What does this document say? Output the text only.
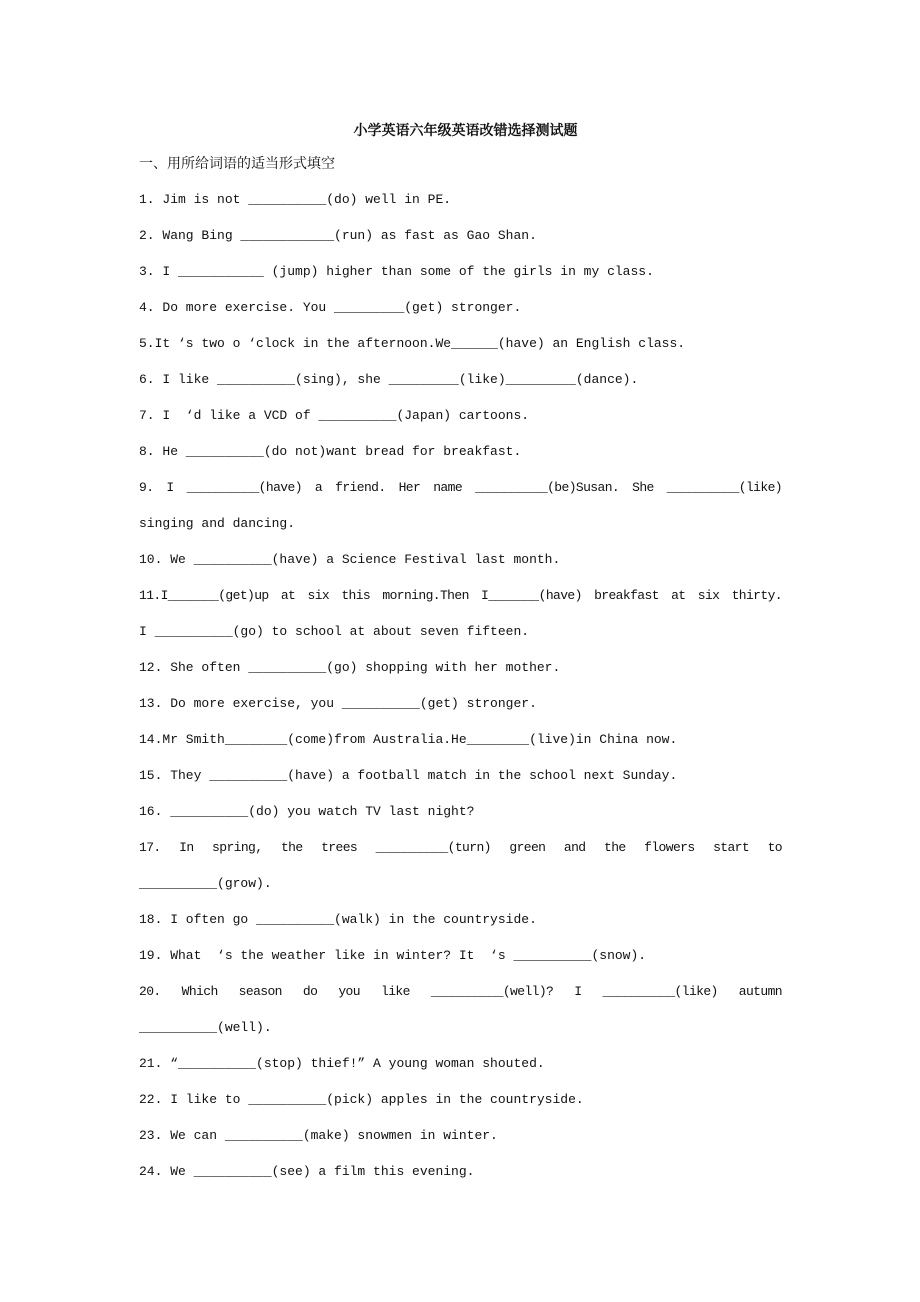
小学英语六年级英语改错选择测试题
一、用所给词语的适当形式填空
1. Jim is not __________(do) well in PE.
2. Wang Bing ____________(run) as fast as Gao Shan.
3. I ___________ (jump) higher than some of the girls in my class.
4. Do more exercise. You _________(get) stronger.
5.It ‘s two o ‘clock in the afternoon.We______(have) an English class.
6. I like __________(sing), she _________(like)_________(dance).
7. I  ‘d like a VCD of __________(Japan) cartoons.
8. He __________(do not)want bread for breakfast.
9. I __________(have) a friend. Her name __________(be)Susan. She __________(like)
singing and dancing.
10. We __________(have) a Science Festival last month.
11.I_______(get)up at six this morning.Then I_______(have) breakfast at six thirty.
I __________(go) to school at about seven fifteen.
12. She often __________(go) shopping with her mother.
13. Do more exercise, you __________(get) stronger.
14.Mr Smith________(come)from Australia.He________(live)in China now.
15. They __________(have) a football match in the school next Sunday.
16. __________(do) you watch TV last night?
17. In spring, the trees __________(turn) green and the flowers start to
__________(grow).
18. I often go __________(walk) in the countryside.
19. What  ‘s the weather like in winter? It  ‘s __________(snow).
20. Which season do you like __________(well)? I __________(like) autumn
__________(well).
21. “__________(stop) thief!” A young woman shouted.
22. I like to __________(pick) apples in the countryside.
23. We can __________(make) snowmen in winter.
24. We __________(see) a film this evening.
